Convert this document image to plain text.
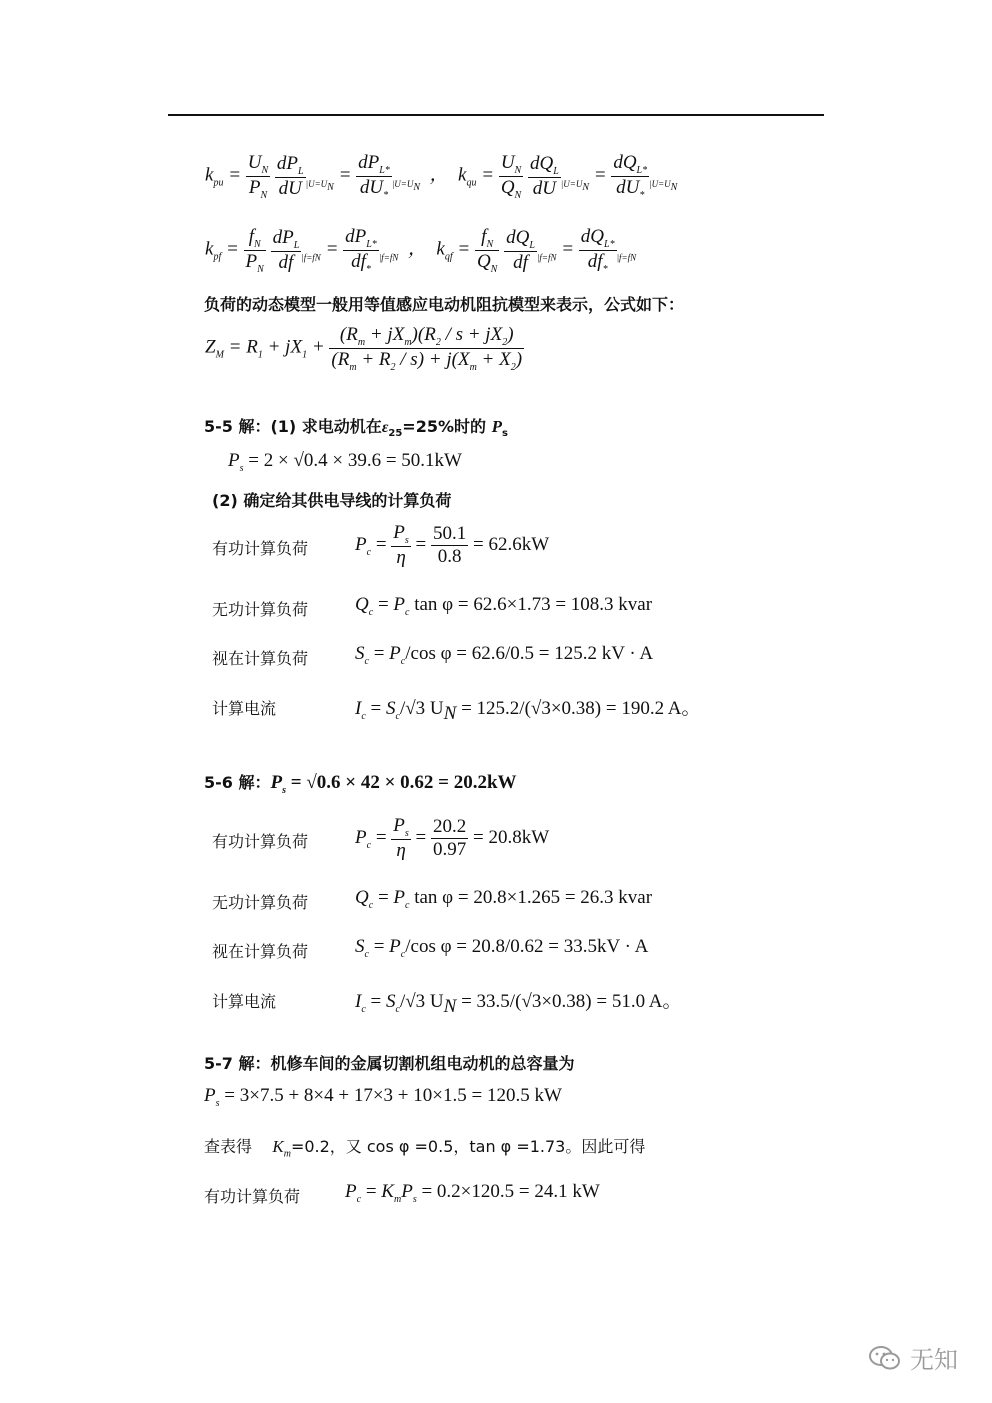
$k_{pu} = \frac{U_N}{P_N}$
$\frac{dP_L}{dU} _{|U=U_N} = \frac{dP_{L*}}{dU_*} _{|U=U_N}$  ，  $k_{qu} = \frac{U_N}{Q_N}$
$\frac{dQ_L}{dU} _{|U=U_N} = \frac{dQ_{L*}}{dU_*} _{|U=U_N}$
$k_{pf} = \frac{f_N}{P_N}$
$\frac{dP_L}{df} _{|f=fN} = \frac{dP_{L*}}{df_*} _{|f=fN}$  ，  $k_{qf} = \frac{f_N}{Q_N}$
$\frac{dQ_L}{df} _{|f=fN} = \frac{dQ_{L*}}{df_*} _{|f=fN}$
负荷的动态模型一般用等值感应电动机阻抗模型来表示，公式如下：
$Z_M = R_1 + jX_1 + \frac{(R_m + jX_m)(R_2 / s + jX_2)}{(R_m + R_2 / s) + j(X_m + X_2)}$
5-5 解：(1) 求电动机在$\varepsilon_{25}=25\%$时的 $P_s$
$P_s = 2 \times √0.4 \times 39.6 = 50.1kW$
(2) 确定给其供电导线的计算负荷
有功计算负荷 $P_c = \frac{P_s}{\eta} = \frac{50.1}{0.8} = 62.6kW$
无功计算负荷 $Q_c = P_c$ tan φ = 62.6×1.73 = 108.3 kvar
视在计算负荷 $S_c = P_c/\cos$ φ = 62.6/0.5 = 125.2 kV · A
计算电流	$I_c = S_c/√3$ $U_N = 125.2/(√3\times 0.38) = 190.2$ A。
5-6 解：$P_s = √0.6 \times 42 \times 0.62 = 20.2kW$
有功计算负荷 $P_c = \frac{P_s}{\eta} = \frac{20.2}{0.97} = 20.8kW$
无功计算负荷 $Q_c = P_c$ tan φ = 20.8×1.265 = 26.3 kvar
视在计算负荷 $S_c = P_c/\cos$ φ = 20.8/0.62 = 33.5kV · A
计算电流	$I_c = S_c/√3$ $U_N = 33.5/(√3\times 0.38) = 51.0$ A。
5-7 解：机修车间的金属切割机组电动机的总容量为
$P_s = 3\times 7.5 + 8\times 4 + 17\times 3 + 10\times 1.5 = 120.5$ kW
查表得 $K_m=0.2$，又 cos φ =0.5，tan φ =1.73。因此可得
有功计算负荷 $P_c = K_mP_s = 0.2\times 120.5 = 24.1$ kW
无知
